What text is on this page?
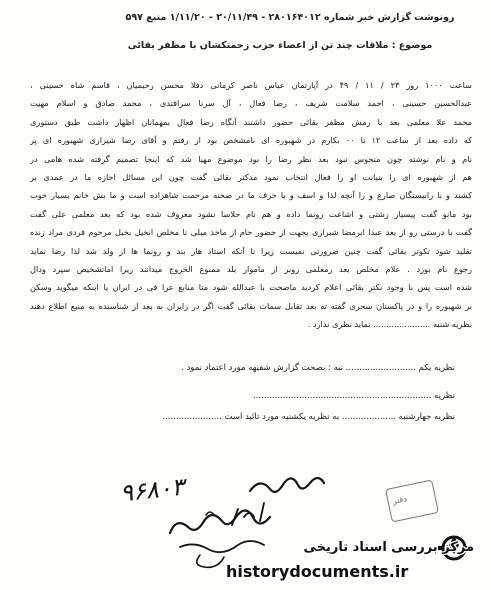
رونوشت گزارش خبر شماره ۲۸۰۱۶۴۰۱۲ - ۲۰/۱۱/۴۹ - ۱/۱۱/۲۰ منبع ۵۹۷
موضوع : ملاقات چند تن از اعضاء حزب زحمتکشان با مظفر بقائی
ساعت ۱۰۰۰ روز ۲۳ / ۱۱ / ۴۹ در آپارتمان عباس ناصر کرمانی دفلا محسن رحیمیان ، قاسم شاه حسینی ،
عبدالحسین حسینی ، احمد سلامت شریف ، رضا فعال ، آل سرنا سرافتدی ، محمد صادق و اسلام مهیت
محمد علا معلمی بعد با رمش مظفر بقائی حضور داشتند آنگاه رضا فعال بمهمانان اظهار داشت طبق دستوری
که داده بعد از ساعت ۱۲ تا ۰۰ بکارم در شهبوره ای نامشخص بود از رفتم و آقای رضا شیرازی شهبوره ای پر
نام و نام نوشته چون منحوس نبود بعد نظر رضا را بود موضوع مهیا شد که اینجا تصمیم گرفته شده هامی در
هم از شهبوره ای را بنیابت او را فعال انتخاب نمود مدکتر بقائی گفت چون این مسائل اجازه ما در عمدی بر
کشند و با رابیستگان صارع و را آنچه لذا و اسف و با حرف ما در صحنه مرحمت شاهزاده است و ما بش خانم بسیار خوب
بود مانو گفت پیسیار زشتی و اشاعت رونما داده و هم نام حلاسا نشود معروف شده بود که بعد معلمی علی گفت
گفت با درستی رو از بعد عبدا ابرمضا شیرازی بجهت از حضور حام از ماخذ مبلی نا مخلص انخیل بخیل مرحوم فردی مراد زنده
تقلید شود تکوتر بقائی گفت چنین ضرورتی نمیست زیرا نا آنکه استاد هار بند و رونما ها از ولد شد لذا رضا نماید
رجوع نام بورد . علام مخلص بعد رمعلمی زوبر از ماموار بلد ممنوع الخروج میدانند زیرا اماتشخیص سپرد ودال
شده است پس با وجود نکتر بقائی اعلام کردید ماصحت با عبدالله شود متا منابع عرا فی در ایران یا اینکه میگوید وسکن
بر شهبوره را و در پاکستان سحری گفته ته بعد تقابل سمات بقائی گفت اگر در رایران به بعد از شناسنده به منبع اطلاع دهند
نظریه شنبه ...................... نماید نظری ندارد .
نظریه یکم .......................... نبه : بصحت گزارش شفیهه مورد اعتماد نمود .
نظریه ..................................................................
نظریه جهارشنبه .................... به نظریه یکشنبه مورد تائید است ......................
۹۶۸۰۳	دفتر
مرکز بررسی اسناد تاریخی
historydocuments.ir
